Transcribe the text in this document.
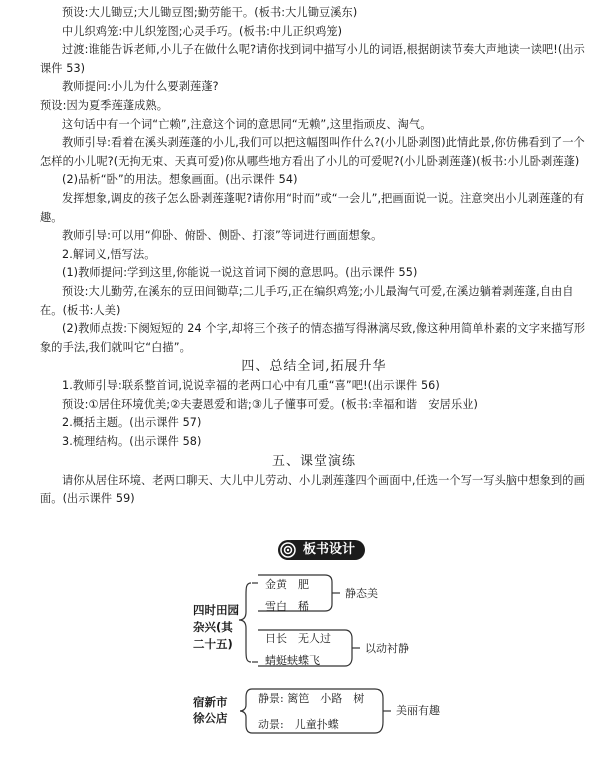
预设:大儿锄豆;大儿锄豆图;勤劳能干。(板书:大儿锄豆溪东)

中儿织鸡笼:中儿织笼图;心灵手巧。(板书:中儿正织鸡笼)

过渡:谁能告诉老师,小儿子在做什么呢?请你找到词中描写小儿的词语,根据朗读节奏大声地读一读吧!(出示课件 53)

教师提问:小儿为什么要剥莲蓬?

预设:因为夏季莲蓬成熟。

这句话中有一个词“亡赖”,注意这个词的意思同“无赖”,这里指顽皮、淘气。

教师引导:看着在溪头剥莲蓬的小儿,我们可以把这幅图叫作什么?(小儿卧剥图)此情此景,你仿佛看到了一个怎样的小儿呢?(无拘无束、天真可爱)你从哪些地方看出了小儿的可爱呢?(小儿卧剥莲蓬)(板书:小儿卧剥莲蓬)

(2)品析“卧”的用法。想象画面。(出示课件 54)

发挥想象,调皮的孩子怎么卧剥莲蓬呢?请你用“时而”或“一会儿”,把画面说一说。注意突出小儿剥莲蓬的有趣。

教师引导:可以用“仰卧、俯卧、侧卧、打滚”等词进行画面想象。

2.解词义,悟写法。

(1)教师提问:学到这里,你能说一说这首词下阕的意思吗。(出示课件 55)

预设:大儿勤劳,在溪东的豆田间锄草;二儿手巧,正在编织鸡笼;小儿最淘气可爱,在溪边躺着剥莲蓬,自由自在。(板书:人美)

(2)教师点拨:下阕短短的 24 个字,却将三个孩子的情态描写得淋漓尽致,像这种用简单朴素的文字来描写形象的手法,我们就叫它“白描”。

四、总结全词,拓展升华

1.教师引导:联系整首词,说说幸福的老两口心中有几重“喜”吧!(出示课件 56)

预设:①居住环境优美;②夫妻恩爱和谐;③儿子懂事可爱。(板书:幸福和谐　安居乐业)

2.概括主题。(出示课件 57)

3.梳理结构。(出示课件 58)

五、课堂演练

请你从居住环境、老两口聊天、大儿中儿劳动、小儿剥莲蓬四个画面中,任选一个写一写头脑中想象到的画面。(出示课件 59)

板书设计
四时田园
杂兴(其
二十五)
金黄　肥
雪白　稀
静态美
日长　无人过
蜻蜓蛱蝶飞
以动衬静
宿新市
徐公店
静景: 篱笆　小路　树
动景:　儿童扑蝶
美丽有趣
